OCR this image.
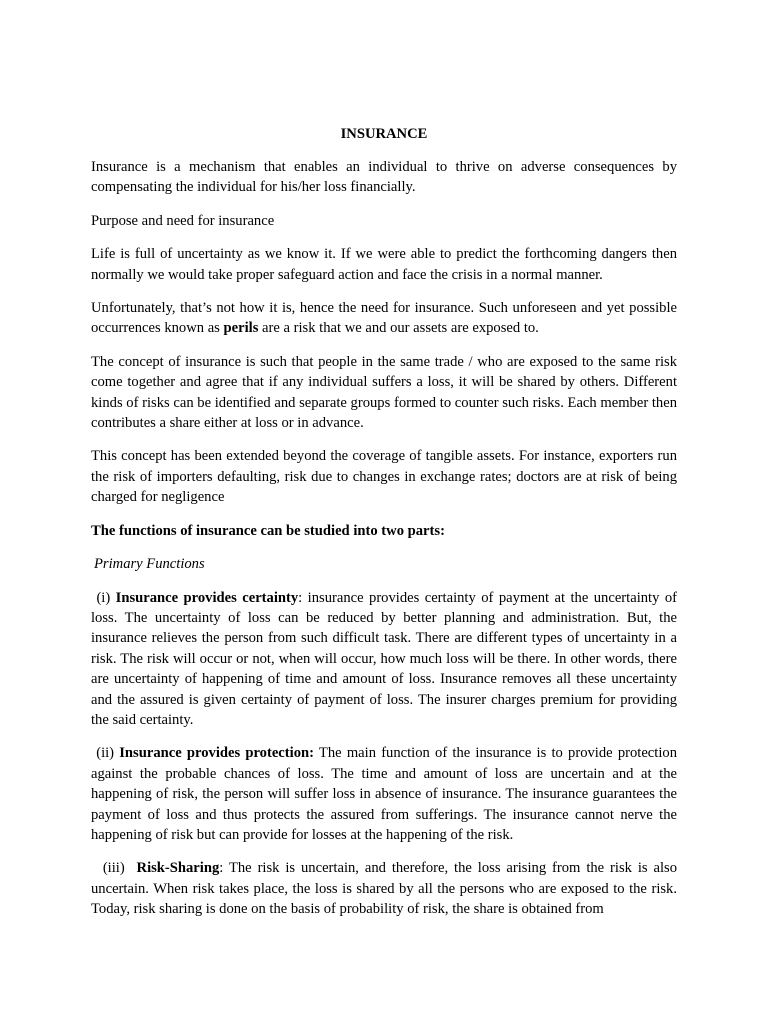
INSURANCE

Insurance is a mechanism that enables an individual to thrive on adverse consequences by compensating the individual for his/her loss financially.

Purpose and need for insurance

Life is full of uncertainty as we know it. If we were able to predict the forthcoming dangers then normally we would take proper safeguard action and face the crisis in a normal manner.

Unfortunately, that’s not how it is, hence the need for insurance. Such unforeseen and yet possible occurrences known as perils are a risk that we and our assets are exposed to.

The concept of insurance is such that people in the same trade / who are exposed to the same risk come together and agree that if any individual suffers a loss, it will be shared by others. Different kinds of risks can be identified and separate groups formed to counter such risks. Each member then contributes a share either at loss or in advance.

This concept has been extended beyond the coverage of tangible assets. For instance, exporters run the risk of importers defaulting, risk due to changes in exchange rates; doctors are at risk of being charged for negligence

The functions of insurance can be studied into two parts:

Primary Functions

(i) Insurance provides certainty: insurance provides certainty of payment at the uncertainty of loss. The uncertainty of loss can be reduced by better planning and administration. But, the insurance relieves the person from such difficult task. There are different types of uncertainty in a risk. The risk will occur or not, when will occur, how much loss will be there. In other words, there are uncertainty of happening of time and amount of loss. Insurance removes all these uncertainty and the assured is given certainty of payment of loss. The insurer charges premium for providing the said certainty.

(ii) Insurance provides protection: The main function of the insurance is to provide protection against the probable chances of loss. The time and amount of loss are uncertain and at the happening of risk, the person will suffer loss in absence of insurance. The insurance guarantees the payment of loss and thus protects the assured from sufferings. The insurance cannot nerve the happening of risk but can provide for losses at the happening of the risk.

(iii)  Risk-Sharing: The risk is uncertain, and therefore, the loss arising from the risk is also uncertain. When risk takes place, the loss is shared by all the persons who are exposed to the risk. Today, risk sharing is done on the basis of probability of risk, the share is obtained from
